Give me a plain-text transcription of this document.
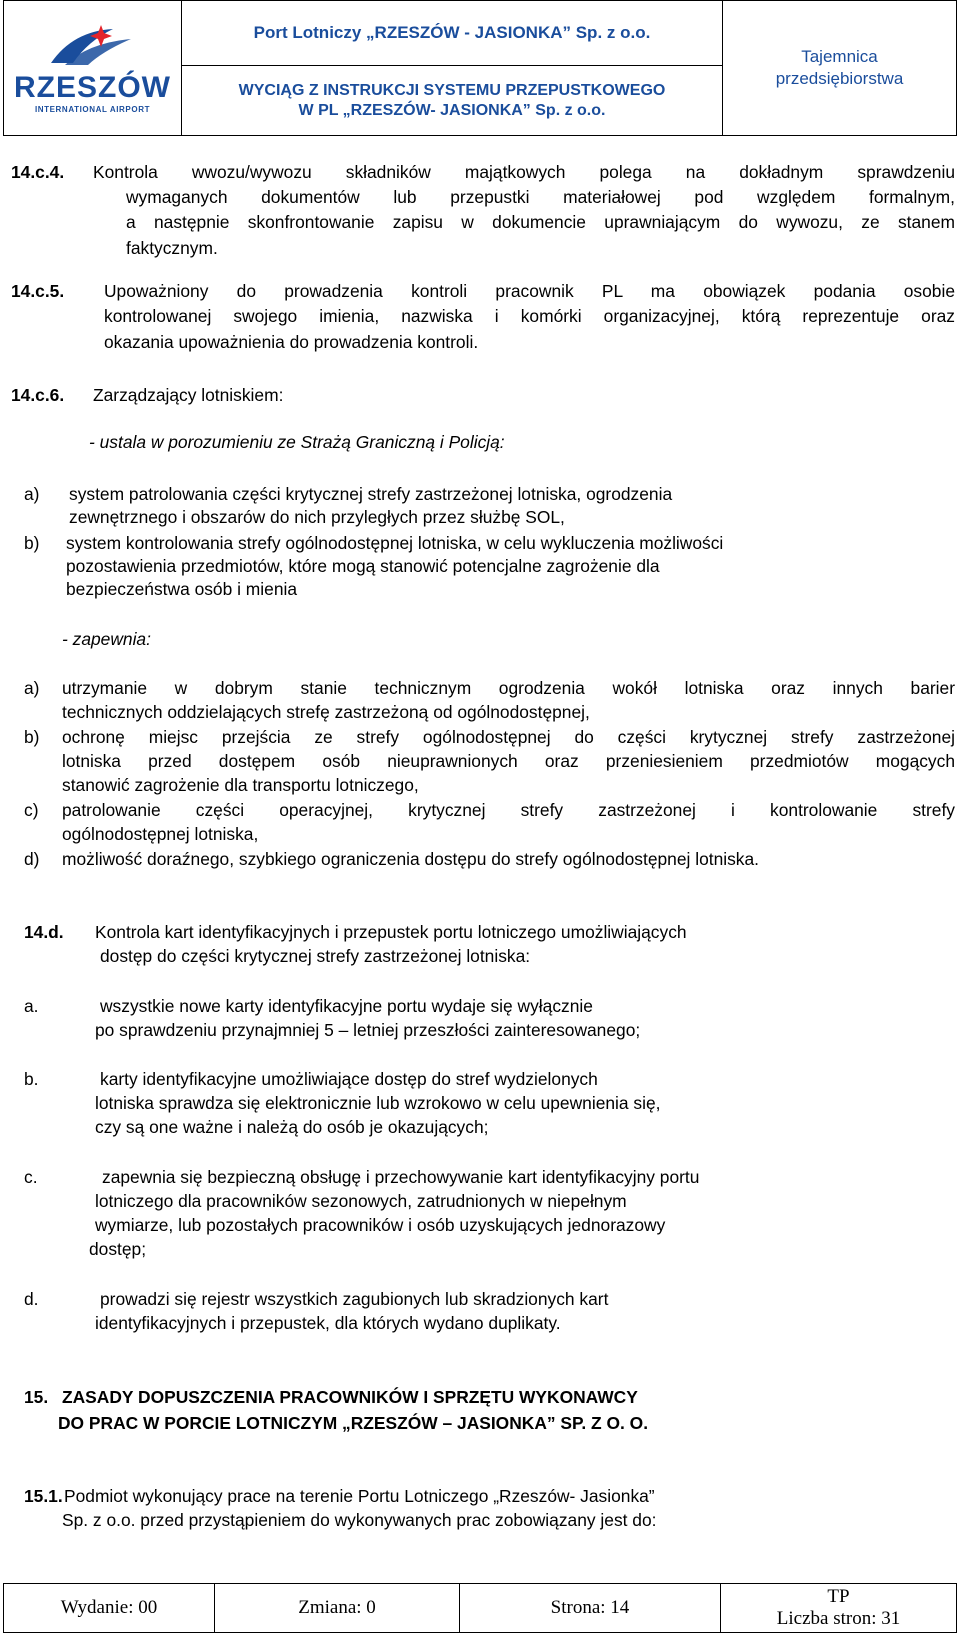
RZESZÓW
INTERNATIONAL AIRPORT
Port Lotniczy „RZESZÓW - JASIONKA” Sp. z o.o.
WYCIĄG Z INSTRUKCJI SYSTEMU PRZEPUSTKOWEGO
W PL „RZESZÓW- JASIONKA” Sp. z o.o.
Tajemnica
przedsiębiorstwa
14.c.4. Kontrola wwozu/wywozu składników majątkowych polega na dokładnym sprawdzeniu
wymaganych dokumentów lub przepustki materiałowej pod względem formalnym,
a następnie skonfrontowanie zapisu w dokumencie uprawniającym do wywozu, ze stanem
faktycznym.
14.c.5. Upoważniony do prowadzenia kontroli pracownik PL ma obowiązek podania osobie
kontrolowanej swojego imienia, nazwiska i komórki organizacyjnej, którą reprezentuje oraz
okazania upoważnienia do prowadzenia kontroli.
14.c.6. Zarządzający lotniskiem:
- ustala w porozumieniu ze Strażą Graniczną i Policją:
a) system patrolowania części krytycznej strefy zastrzeżonej lotniska, ogrodzenia
zewnętrznego i obszarów do nich przyległych przez służbę SOL,
b) system kontrolowania strefy ogólnodostępnej lotniska, w celu wykluczenia możliwości
pozostawienia przedmiotów, które mogą stanowić potencjalne zagrożenie dla
bezpieczeństwa osób i mienia
- zapewnia:
a) utrzymanie w dobrym stanie technicznym ogrodzenia wokół lotniska oraz innych barier
technicznych oddzielających strefę zastrzeżoną od ogólnodostępnej,
b) ochronę miejsc przejścia ze strefy ogólnodostępnej do części krytycznej strefy zastrzeżonej
lotniska przed dostępem osób nieuprawnionych oraz przeniesieniem przedmiotów mogących
stanowić zagrożenie dla transportu lotniczego,
c) patrolowanie części operacyjnej, krytycznej strefy zastrzeżonej i kontrolowanie strefy
ogólnodostępnej lotniska,
d) możliwość doraźnego, szybkiego ograniczenia dostępu do strefy ogólnodostępnej lotniska.
14.d. Kontrola kart identyfikacyjnych i przepustek portu lotniczego umożliwiających
dostęp do części krytycznej strefy zastrzeżonej lotniska:
a.	wszystkie nowe karty identyfikacyjne portu wydaje się wyłącznie
po sprawdzeniu przynajmniej 5 – letniej przeszłości zainteresowanego;
b.	karty identyfikacyjne umożliwiające dostęp do stref wydzielonych
lotniska sprawdza się elektronicznie lub wzrokowo w celu upewnienia się,
czy są one ważne i należą do osób je okazujących;
c.	zapewnia się bezpieczną obsługę i przechowywanie kart identyfikacyjny portu
lotniczego dla pracowników sezonowych, zatrudnionych w niepełnym
wymiarze, lub pozostałych pracowników i osób uzyskujących jednorazowy
dostęp;
d.	prowadzi się rejestr wszystkich zagubionych lub skradzionych kart
identyfikacyjnych i przepustek, dla których wydano duplikaty.
15. ZASADY DOPUSZCZENIA PRACOWNIKÓW I SPRZĘTU WYKONAWCY
DO PRAC W PORCIE LOTNICZYM „RZESZÓW – JASIONKA” SP. Z O. O.
15.1. Podmiot wykonujący prace na terenie Portu Lotniczego „Rzeszów- Jasionka”
Sp. z o.o. przed przystąpieniem do wykonywanych prac zobowiązany jest do:
Wydanie: 00	Zmiana: 0	Strona: 14
TP
Liczba stron: 31
